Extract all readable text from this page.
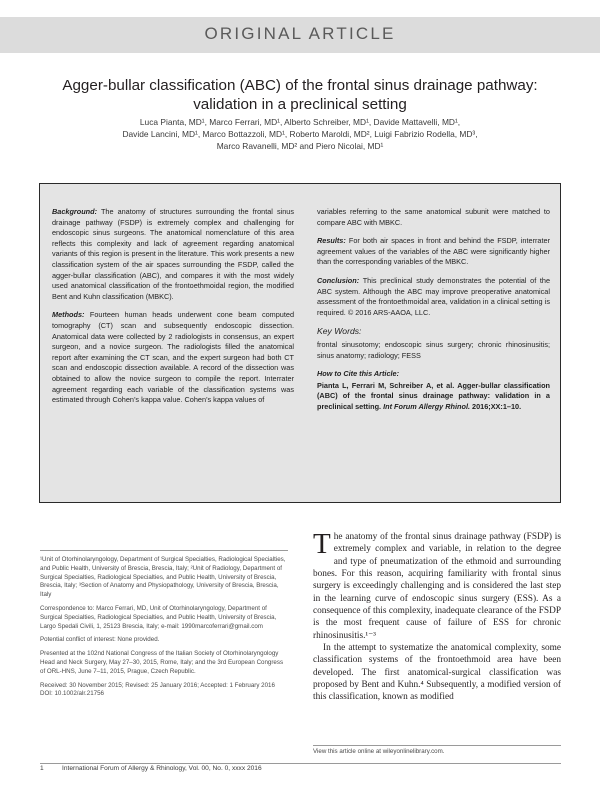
ORIGINAL ARTICLE
Agger-bullar classification (ABC) of the frontal sinus drainage pathway:
validation in a preclinical setting
Luca Pianta, MD¹, Marco Ferrari, MD¹, Alberto Schreiber, MD¹, Davide Mattavelli, MD¹,
Davide Lancini, MD¹, Marco Bottazzoli, MD¹, Roberto Maroldi, MD², Luigi Fabrizio Rodella, MD³,
Marco Ravanelli, MD² and Piero Nicolai, MD¹

Background: The anatomy of structures surrounding the frontal sinus drainage pathway (FSDP) is extremely complex and challenging for endoscopic sinus surgeons. The anatomical nomenclature of this area reflects this complexity and lack of agreement regarding anatomical variants of this region is present in the literature. This work presents a new classification system of the air spaces surrounding the FSDP, called the agger-bullar classification (ABC), and compares it with the most widely used anatomical classification of the frontoethmoidal region, the modified Bent and Kuhn classification (MBKC).

Methods: Fourteen human heads underwent cone beam computed tomography (CT) scan and subsequently endoscopic dissection. Anatomical data were collected by 2 radiologists in consensus, an expert surgeon, and a novice surgeon. The radiologists filled the anatomical report after examining the CT scan, and the expert surgeon had both CT scan and endoscopic dissection available. A record of the dissection was obtained to allow the novice surgeon to compile the report. Interrater agreement regarding each variable of the classification systems was estimated through Cohen’s kappa value. Cohen’s kappa values of

variables referring to the same anatomical subunit were matched to compare ABC with MBKC.

Results: For both air spaces in front and behind the FSDP, interrater agreement values of the variables of the ABC were significantly higher than the corresponding variables of the MBKC.

Conclusion: This preclinical study demonstrates the potential of the ABC system. Although the ABC may improve preoperative anatomical assessment of the frontoethmoidal area, validation in a clinical setting is required. © 2016 ARS-AAOA, LLC.

Key Words:

frontal sinusotomy; endoscopic sinus surgery; chronic rhinosinusitis; sinus anatomy; radiology; FESS

How to Cite this Article:

Pianta L, Ferrari M, Schreiber A, et al. Agger-bullar classification (ABC) of the frontal sinus drainage pathway: validation in a preclinical setting. Int Forum Allergy Rhinol. 2016;XX:1–10.

¹Unit of Otorhinolaryngology, Department of Surgical Specialties, Radiological Specialties, and Public Health, University of Brescia, Brescia, Italy; ²Unit of Radiology, Department of Surgical Specialties, Radiological Specialties, and Public Health, University of Brescia, Brescia, Italy; ³Section of Anatomy and Physiopathology, University of Brescia, Brescia, Italy

Correspondence to: Marco Ferrari, MD, Unit of Otorhinolaryngology, Department of Surgical Specialties, Radiological Specialties, and Public Health, University of Brescia, Largo Spedali Civili, 1, 25123 Brescia, Italy; e-mail: 1990marcoferrari@gmail.com

Potential conflict of interest: None provided.

Presented at the 102nd National Congress of the Italian Society of Otorhinolaryngology Head and Neck Surgery, May 27–30, 2015, Rome, Italy; and the 3rd European Congress of ORL-HNS, June 7–11, 2015, Prague, Czech Republic.

Received: 30 November 2015; Revised: 25 January 2016; Accepted: 1 February 2016

DOI: 10.1002/alr.21756

The anatomy of the frontal sinus drainage pathway (FSDP) is extremely complex and variable, in relation to the degree and type of pneumatization of the ethmoid and surrounding bones. For this reason, acquiring familiarity with frontal sinus surgery is exceedingly challenging and is considered the last step in the learning curve of endoscopic sinus surgery (ESS). As a consequence of this complexity, inadequate clearance of the FSDP is the most frequent cause of failure of ESS for chronic rhinosinusitis.¹⁻³

In the attempt to systematize the anatomical complexity, some classification systems of the frontoethmoid area have been developed. The first anatomical-surgical classification was proposed by Bent and Kuhn.⁴ Subsequently, a modified version of this classification, known as modified

View this article online at wileyonlinelibrary.com.
1	International Forum of Allergy & Rhinology, Vol. 00, No. 0, xxxx 2016
